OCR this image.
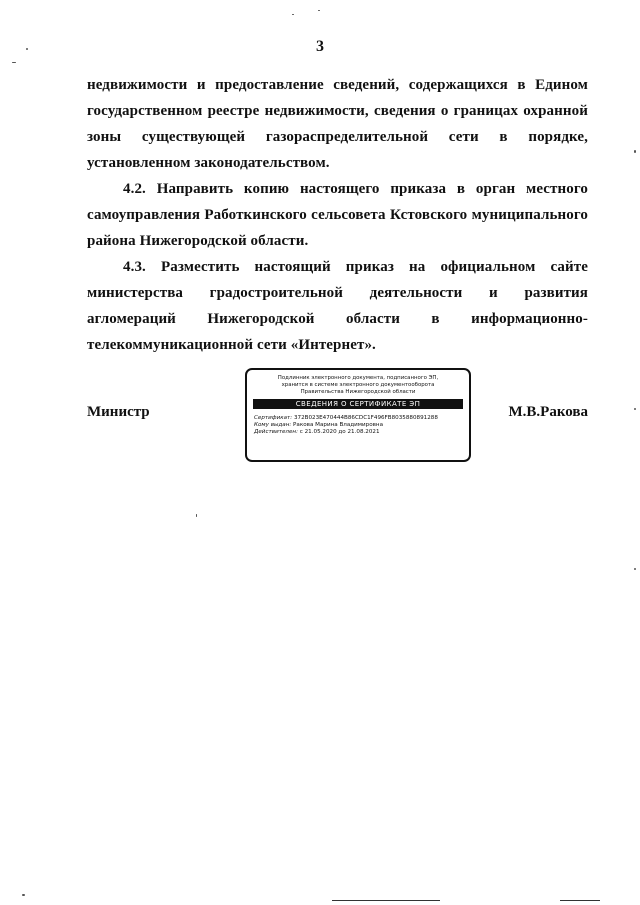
3

недвижимости и предоставление сведений, содержащихся в Едином государственном реестре недвижимости, сведения о границах охранной зоны существующей газораспределительной сети в порядке, установленном законодательством.

4.2. Направить копию настоящего приказа в орган местного самоуправления Работкинского сельсовета Кстовского муниципального района Нижегородской области.

4.3. Разместить настоящий приказ на официальном сайте министерства градостроительной деятельности и развития агломераций Нижегородской области в информационно-телекоммуникационной сети «Интернет».

Министр	М.В.Ракова
Подлинник электронного документа, подписанного ЭП,
хранится в системе электронного документооборота
Правительства Нижегородской области
СВЕДЕНИЯ О СЕРТИФИКАТЕ ЭП
Сертификат: 372B023E470444B86CDC1F496FB8035880891288
Кому выдан: Ракова Марина Владимировна
Действителен: с 21.05.2020 до 21.08.2021
